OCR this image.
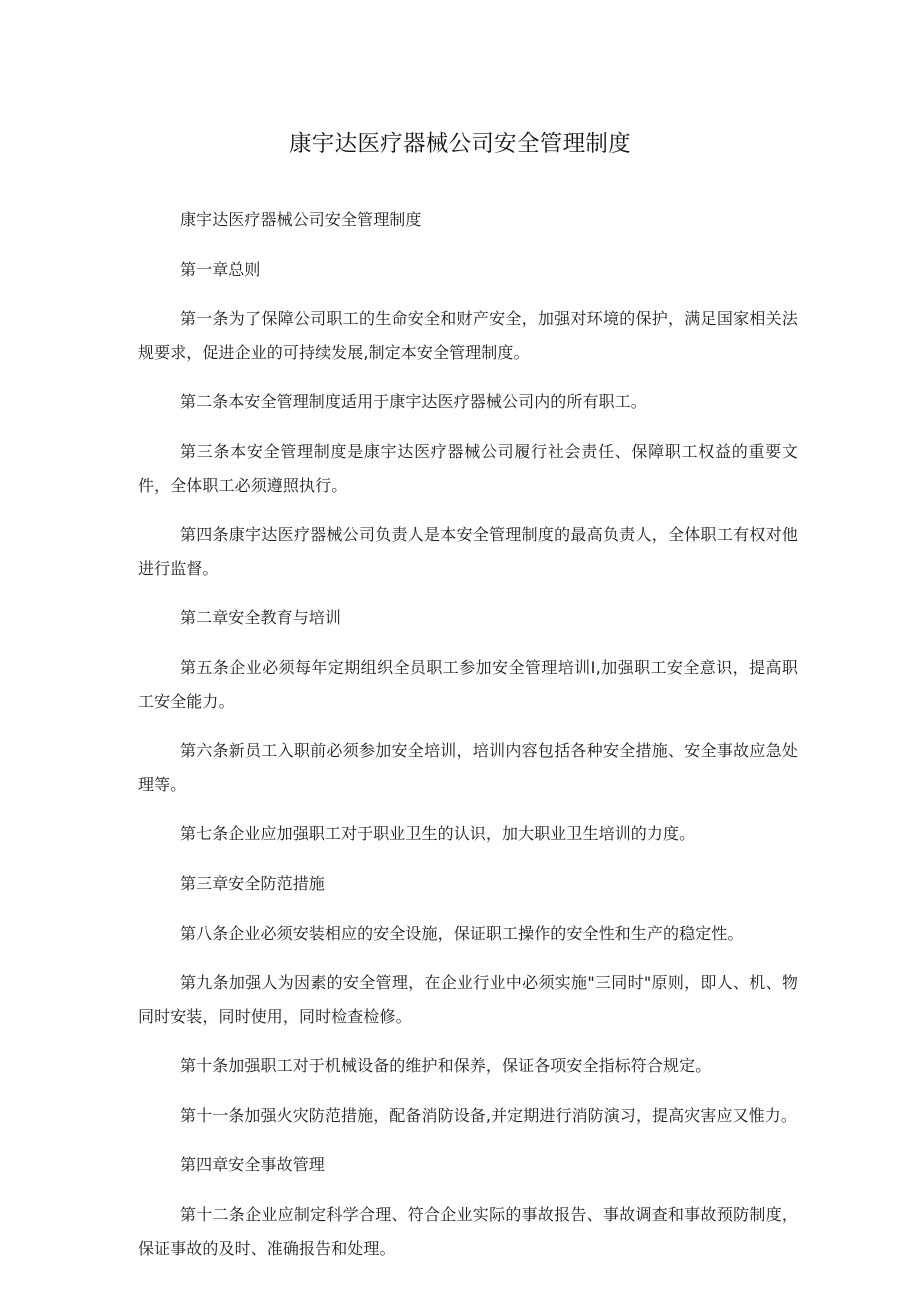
康宇达医疗器械公司安全管理制度

康宇达医疗器械公司安全管理制度

第一章总则

第一条为了保障公司职工的生命安全和财产安全，加强对环境的保护，满足国家相关法规要求，促进企业的可持续发展,制定本安全管理制度。

第二条本安全管理制度适用于康宇达医疗器械公司内的所有职工。

第三条本安全管理制度是康宇达医疗器械公司履行社会责任、保障职工权益的重要文件，全体职工必须遵照执行。

第四条康宇达医疗器械公司负责人是本安全管理制度的最高负责人，全体职工有权对他进行监督。

第二章安全教育与培训

第五条企业必须每年定期组织全员职工参加安全管理培训Ⅰ,加强职工安全意识，提高职工安全能力。

第六条新员工入职前必须参加安全培训，培训内容包括各种安全措施、安全事故应急处理等。

第七条企业应加强职工对于职业卫生的认识，加大职业卫生培训的力度。

第三章安全防范措施

第八条企业必须安装相应的安全设施，保证职工操作的安全性和生产的稳定性。

第九条加强人为因素的安全管理，在企业行业中必须实施"三同时"原则，即人、机、物同时安装，同时使用，同时检查检修。

第十条加强职工对于机械设备的维护和保养，保证各项安全指标符合规定。

第十一条加强火灾防范措施，配备消防设备,并定期进行消防演习，提高灾害应又惟力。

第四章安全事故管理

第十二条企业应制定科学合理、符合企业实际的事故报告、事故调查和事故预防制度，保证事故的及时、准确报告和处理。
